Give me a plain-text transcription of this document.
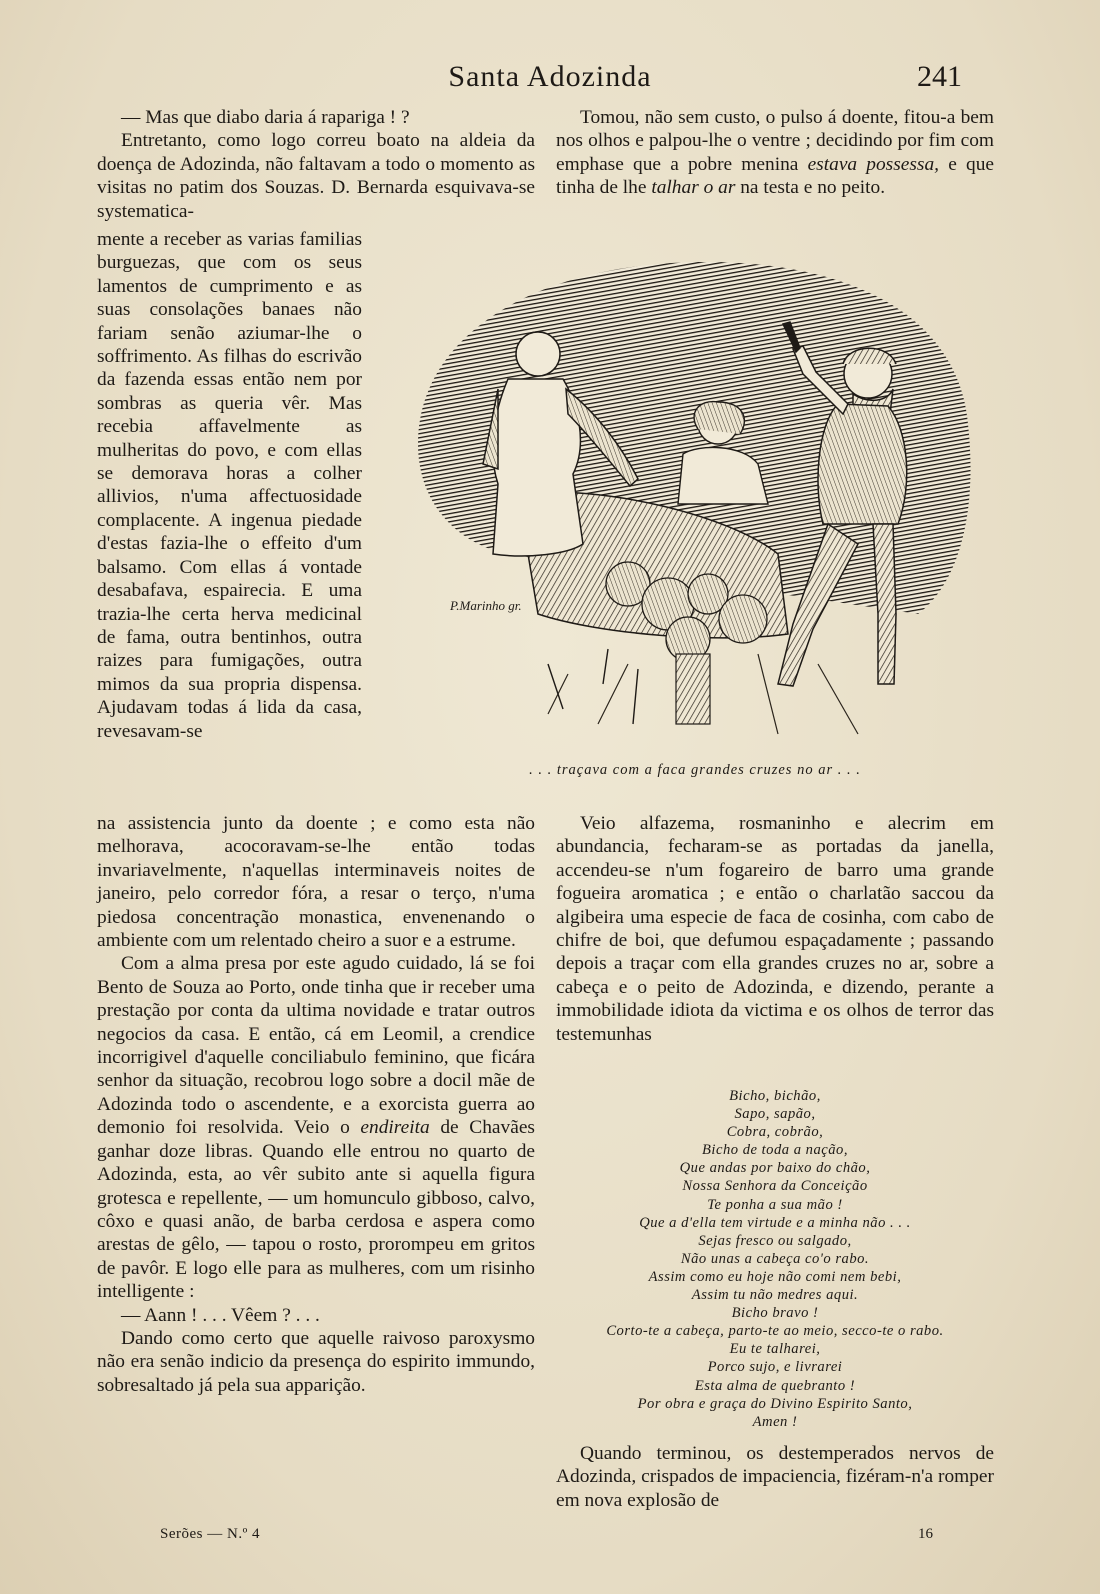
Santa Adozinda	241

— Mas que diabo daria á rapariga ! ?

Entretanto, como logo correu boato na aldeia da doença de Adozinda, não faltavam a todo o momento as visitas no patim dos Souzas. D. Bernarda esquivava-se systematica-

mente a receber as varias familias burguezas, que com os seus lamentos de cumprimento e as suas consolações banaes não fariam senão aziumar-lhe o soffrimento. As filhas do escrivão da fazenda essas então nem por sombras as queria vêr. Mas recebia affavelmente as mulheritas do povo, e com ellas se demorava horas a colher allivios, n'uma affectuosidade complacente. A ingenua piedade d'estas fazia-lhe o effeito d'um balsamo. Com ellas á vontade desabafava, espairecia. E uma trazia-lhe certa herva medicinal de fama, outra bentinhos, outra raizes para fumigações, outra mimos da sua propria dispensa. Ajudavam todas á lida da casa, revesavam-se

na assistencia junto da doente ; e como esta não melhorava, acocoravam-se-lhe então todas invariavelmente, n'aquellas interminaveis noites de janeiro, pelo corredor fóra, a resar o terço, n'uma piedosa concentração monastica, envenenando o ambiente com um relentado cheiro a suor e a estrume.

Com a alma presa por este agudo cuidado, lá se foi Bento de Souza ao Porto, onde tinha que ir receber uma prestação por conta da ultima novidade e tratar outros negocios da casa. E então, cá em Leomil, a crendice incorrigivel d'aquelle conciliabulo feminino, que ficára senhor da situação, recobrou logo sobre a docil mãe de Adozinda todo o ascendente, e a exorcista guerra ao demonio foi resolvida. Veio o endireita de Chavães ganhar doze libras. Quando elle entrou no quarto de Adozinda, esta, ao vêr subito ante si aquella figura grotesca e repellente, — um homunculo gibboso, calvo, côxo e quasi anão, de barba cerdosa e aspera como arestas de gêlo, — tapou o rosto, prorompeu em gritos de pavôr. E logo elle para as mulheres, com um risinho intelligente :

— Aann ! . . . Vêem ? . . .

Dando como certo que aquelle raivoso paroxysmo não era senão indicio da presença do espirito immundo, sobresaltado já pela sua apparição.

Tomou, não sem custo, o pulso á doente, fitou-a bem nos olhos e palpou-lhe o ventre ; decidindo por fim com emphase que a pobre menina estava possessa, e que tinha de lhe talhar o ar na testa e no peito.

P.Marinho gr.
. . . traçava com a faca grandes cruzes no ar . . .

Veio alfazema, rosmaninho e alecrim em abundancia, fecharam-se as portadas da janella, accendeu-se n'um fogareiro de barro uma grande fogueira aromatica ; e então o charlatão saccou da algibeira uma especie de faca de cosinha, com cabo de chifre de boi, que defumou espaçadamente ; passando depois a traçar com ella grandes cruzes no ar, sobre a cabeça e o peito de Adozinda, e dizendo, perante a immobilidade idiota da victima e os olhos de terror das testemunhas

Bicho, bichão,
Sapo, sapão,
Cobra, cobrão,
Bicho de toda a nação,
Que andas por baixo do chão,
Nossa Senhora da Conceição
Te ponha a sua mão !
Que a d'ella tem virtude e a minha não . . .
Sejas fresco ou salgado,
Não unas a cabeça co'o rabo.
Assim como eu hoje não comi nem bebi,
Assim tu não medres aqui.
Bicho bravo !
Corto-te a cabeça, parto-te ao meio, secco-te o rabo.
Eu te talharei,
Porco sujo, e livrarei
Esta alma de quebranto !
Por obra e graça do Divino Espirito Santo,
Amen !

Quando terminou, os destemperados nervos de Adozinda, crispados de impaciencia, fizéram-n'a romper em nova explosão de

Serões — N.º 4	16
